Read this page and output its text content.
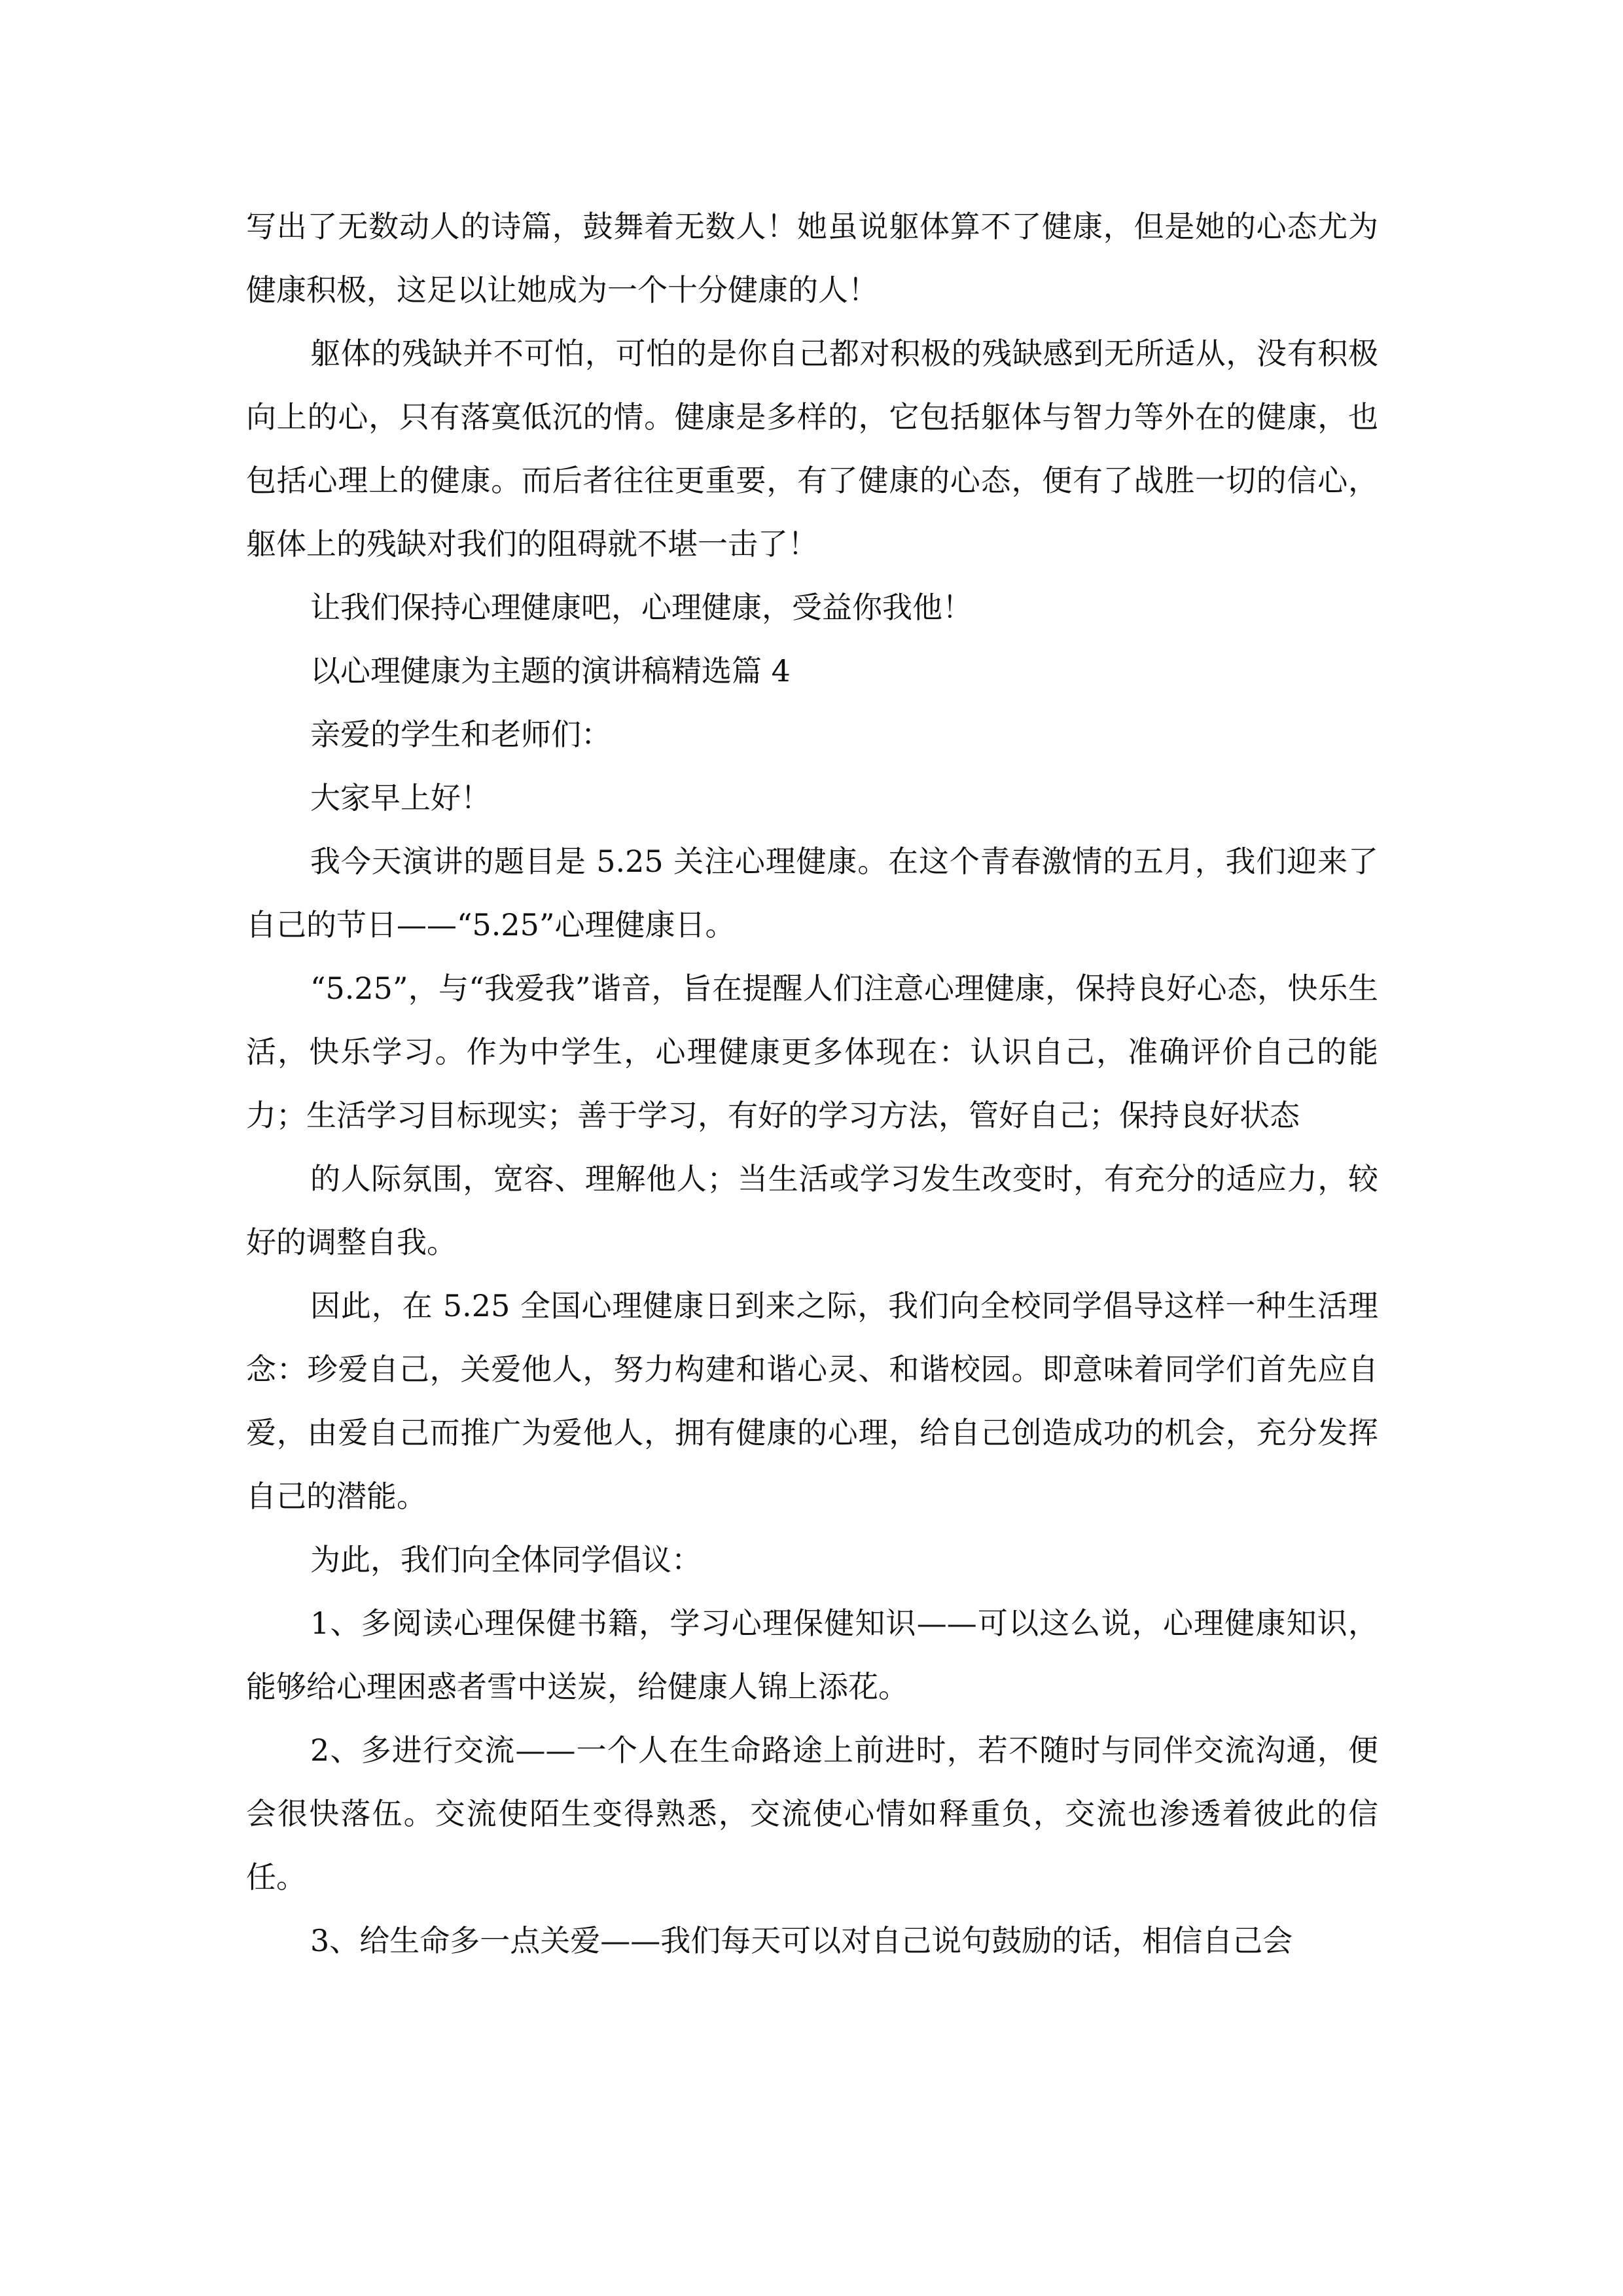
写出了无数动人的诗篇，鼓舞着无数人！她虽说躯体算不了健康，但是她的心态尤为健康积极，这足以让她成为一个十分健康的人！

躯体的残缺并不可怕，可怕的是你自己都对积极的残缺感到无所适从，没有积极向上的心，只有落寞低沉的情。健康是多样的，它包括躯体与智力等外在的健康，也包括心理上的健康。而后者往往更重要，有了健康的心态，便有了战胜一切的信心，躯体上的残缺对我们的阻碍就不堪一击了！

让我们保持心理健康吧，心理健康，受益你我他！

以心理健康为主题的演讲稿精选篇 4

亲爱的学生和老师们：

大家早上好！

我今天演讲的题目是 5.25 关注心理健康。在这个青春激情的五月，我们迎来了自己的节日——“5.25”心理健康日。

“5.25”，与“我爱我”谐音，旨在提醒人们注意心理健康，保持良好心态，快乐生活，快乐学习。作为中学生，心理健康更多体现在：认识自己，准确评价自己的能力；生活学习目标现实；善于学习，有好的学习方法，管好自己；保持良好状态

的人际氛围，宽容、理解他人；当生活或学习发生改变时，有充分的适应力，较好的调整自我。

因此，在 5.25 全国心理健康日到来之际，我们向全校同学倡导这样一种生活理念：珍爱自己，关爱他人，努力构建和谐心灵、和谐校园。即意味着同学们首先应自爱，由爱自己而推广为爱他人，拥有健康的心理，给自己创造成功的机会，充分发挥自己的潜能。

为此，我们向全体同学倡议：

1、多阅读心理保健书籍，学习心理保健知识——可以这么说，心理健康知识，能够给心理困惑者雪中送炭，给健康人锦上添花。

2、多进行交流——一个人在生命路途上前进时，若不随时与同伴交流沟通，便会很快落伍。交流使陌生变得熟悉，交流使心情如释重负，交流也渗透着彼此的信任。

3、给生命多一点关爱——我们每天可以对自己说句鼓励的话，相信自己会
